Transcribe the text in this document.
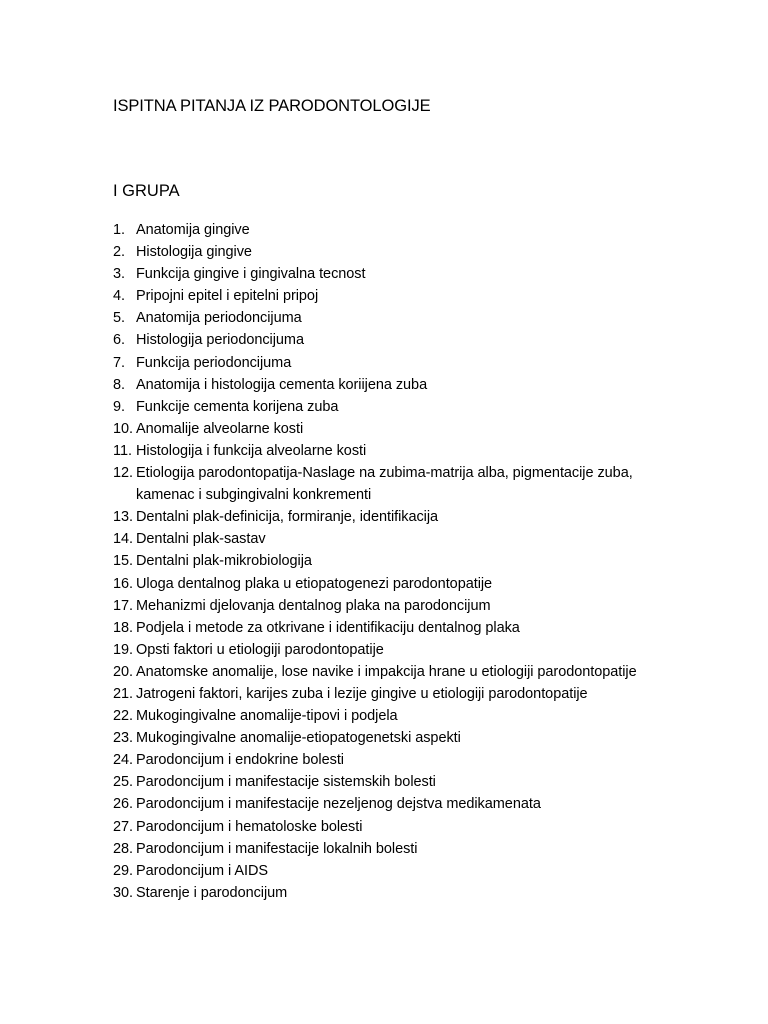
ISPITNA PITANJA IZ PARODONTOLOGIJE
I GRUPA
1. Anatomija gingive
2. Histologija gingive
3. Funkcija gingive i gingivalna tecnost
4. Pripojni epitel i epitelni pripoj
5. Anatomija periodoncijuma
6. Histologija periodoncijuma
7. Funkcija periodoncijuma
8. Anatomija i histologija cementa koriijena zuba
9. Funkcije cementa korijena zuba
10. Anomalije alveolarne kosti
11. Histologija i funkcija alveolarne kosti
12. Etiologija parodontopatija-Naslage na zubima-matrija alba, pigmentacije zuba, kamenac i subgingivalni konkrementi
13. Dentalni plak-definicija, formiranje, identifikacija
14. Dentalni plak-sastav
15. Dentalni plak-mikrobiologija
16. Uloga dentalnog plaka u etiopatogenezi parodontopatije
17. Mehanizmi djelovanja dentalnog plaka na parodoncijum
18. Podjela i metode za otkrivane i identifikaciju dentalnog plaka
19. Opsti faktori u etiologiji parodontopatije
20. Anatomske anomalije, lose navike i impakcija hrane u etiologiji parodontopatije
21. Jatrogeni faktori, karijes zuba i lezije gingive u etiologiji parodontopatije
22. Mukogingivalne anomalije-tipovi i podjela
23. Mukogingivalne anomalije-etiopatogenetski aspekti
24. Parodoncijum i endokrine bolesti
25. Parodoncijum i manifestacije sistemskih bolesti
26. Parodoncijum i manifestacije nezeljenog dejstva medikamenata
27. Parodoncijum i hematoloske bolesti
28. Parodoncijum i manifestacije lokalnih bolesti
29. Parodoncijum i AIDS
30. Starenje i parodoncijum
